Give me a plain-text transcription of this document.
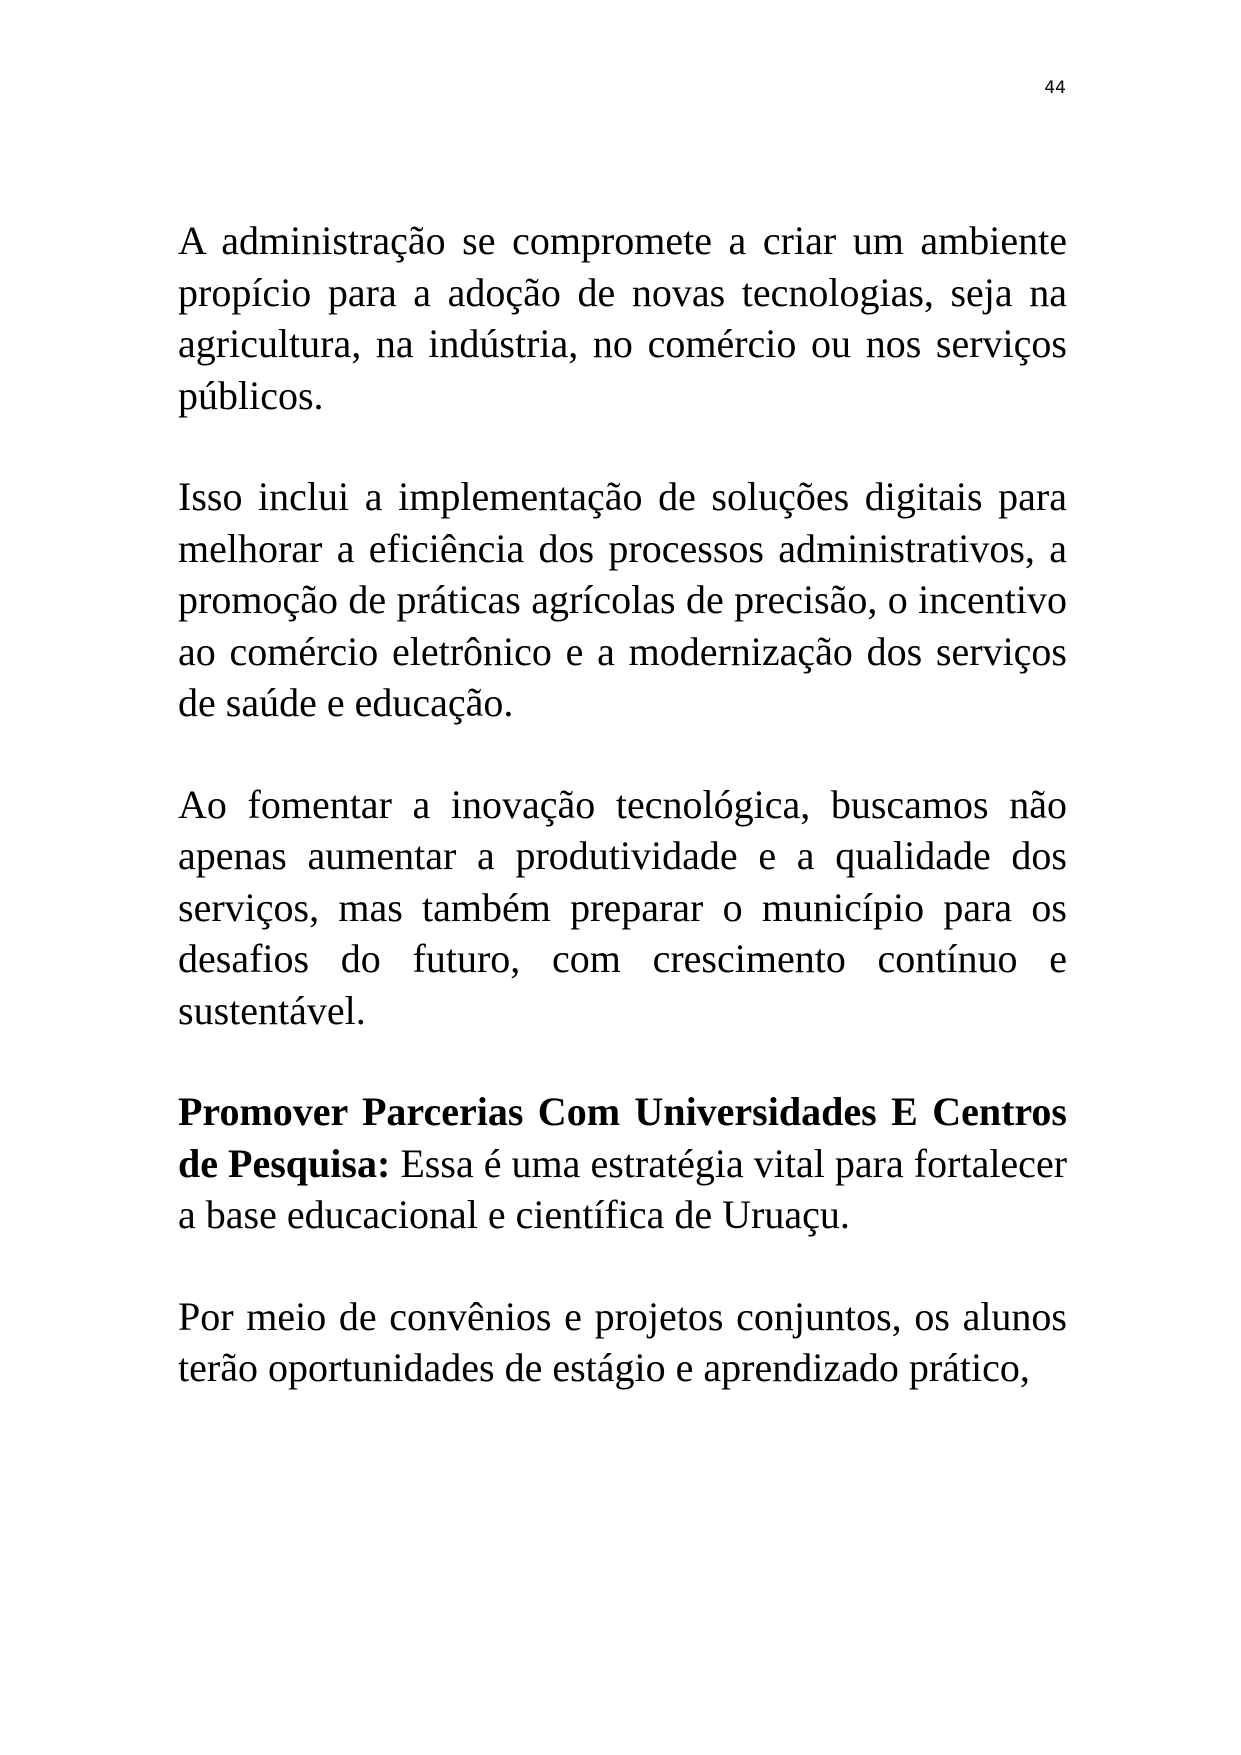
44

A administração se compromete a criar um ambiente propício para a adoção de novas tecnologias, seja na agricultura, na indústria, no comércio ou nos serviços públicos.

Isso inclui a implementação de soluções digitais para melhorar a eficiência dos processos administrativos, a promoção de práticas agrícolas de precisão, o incentivo ao comércio eletrônico e a modernização dos serviços de saúde e educação.

Ao fomentar a inovação tecnológica, buscamos não apenas aumentar a produtividade e a qualidade dos serviços, mas também preparar o município para os desafios do futuro, com crescimento contínuo e sustentável.

Promover Parcerias Com Universidades E Centros de Pesquisa: Essa é uma estratégia vital para fortalecer a base educacional e científica de Uruaçu.

Por meio de convênios e projetos conjuntos, os alunos terão oportunidades de estágio e aprendizado prático,
